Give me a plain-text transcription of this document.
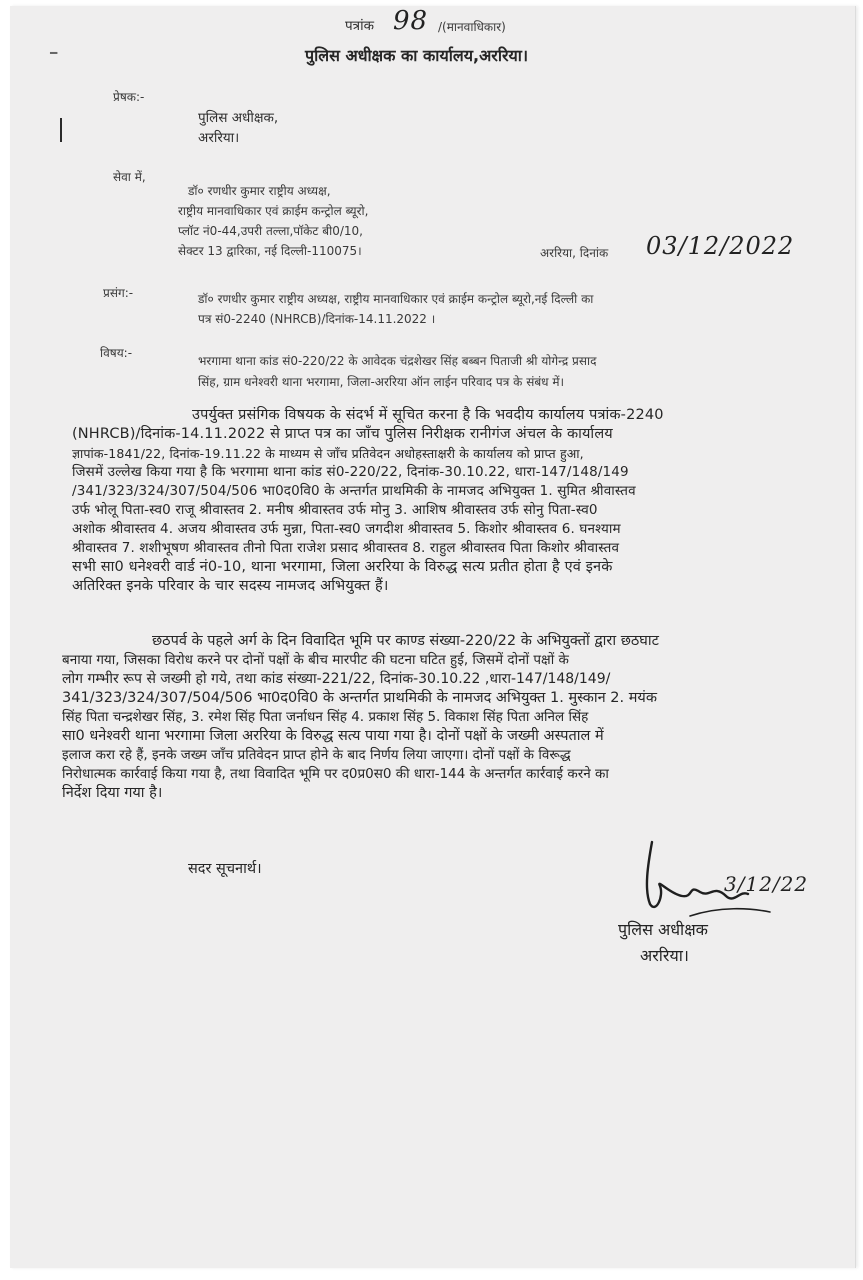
पत्रांक 98 /(मानवाधिकार)
पुलिस अधीक्षक का कार्यालय,अररिया।
━
प्रेषक:-
पुलिस अधीक्षक,
अररिया।
सेवा में,
डॉ० रणधीर कुमार राष्ट्रीय अध्यक्ष,
राष्ट्रीय मानवाधिकार एवं क्राईम कन्ट्रोल ब्यूरो,
प्लॉट नं0-44,उपरी तल्ला,पॉकेट बी0/10,
सेक्टर 13 द्वारिका, नई दिल्ली-110075।	अररिया, दिनांक 03/12/2022
प्रसंग:-	डॉ० रणधीर कुमार राष्ट्रीय अध्यक्ष, राष्ट्रीय मानवाधिकार एवं क्राईम कन्ट्रोल ब्यूरो,नई दिल्ली का
पत्र सं0-2240 (NHRCB)/दिनांक-14.11.2022 ।
विषय:-
भरगामा थाना कांड सं0-220/22 के आवेदक चंद्रशेखर सिंह बब्बन पिताजी श्री योगेन्द्र प्रसाद
सिंह, ग्राम धनेश्वरी थाना भरगामा, जिला-अररिया ऑन लाईन परिवाद पत्र के संबंध में।
उपर्युक्त प्रसंगिक विषयक के संदर्भ में सूचित करना है कि भवदीय कार्यालय पत्रांक-2240
(NHRCB)/दिनांक-14.11.2022 से प्राप्त पत्र का जाँच पुलिस निरीक्षक रानीगंज अंचल के कार्यालय
ज्ञापांक-1841/22, दिनांक-19.11.22 के माध्यम से जाँच प्रतिवेदन अधोहस्ताक्षरी के कार्यालय को प्राप्त हुआ,
जिसमें उल्लेख किया गया है कि भरगामा थाना कांड सं0-220/22, दिनांक-30.10.22, धारा-147/148/149
/341/323/324/307/504/506 भा0द0वि0 के अन्तर्गत प्राथमिकी के नामजद अभियुक्त 1. सुमित श्रीवास्तव
उर्फ भोलू पिता-स्व0 राजू श्रीवास्तव 2. मनीष श्रीवास्तव उर्फ मोनु 3. आशिष श्रीवास्तव उर्फ सोनु पिता-स्व0
अशोक श्रीवास्तव 4. अजय श्रीवास्तव उर्फ मुन्ना, पिता-स्व0 जगदीश श्रीवास्तव 5. किशोर श्रीवास्तव 6. घनश्याम
श्रीवास्तव 7. शशीभूषण श्रीवास्तव तीनो पिता राजेश प्रसाद श्रीवास्तव 8. राहुल श्रीवास्तव पिता किशोर श्रीवास्तव
सभी सा0 धनेश्वरी वार्ड नं0-10, थाना भरगामा, जिला अररिया के विरुद्ध सत्य प्रतीत होता है एवं इनके
अतिरिक्त इनके परिवार के चार सदस्य नामजद अभियुक्त हैं।
छठपर्व के पहले अर्ग के दिन विवादित भूमि पर काण्ड संख्या-220/22 के अभियुक्तों द्वारा छठघाट
बनाया गया, जिसका विरोध करने पर दोनों पक्षों के बीच मारपीट की घटना घटित हुई, जिसमें दोनों पक्षों के
लोग गम्भीर रूप से जख्मी हो गये, तथा कांड संख्या-221/22, दिनांक-30.10.22 ,धारा-147/148/149/
341/323/324/307/504/506 भा0द0वि0 के अन्तर्गत प्राथमिकी के नामजद अभियुक्त 1. मुस्कान 2. मयंक
सिंह पिता चन्द्रशेखर सिंह, 3. रमेश सिंह पिता जर्नाधन सिंह 4. प्रकाश सिंह 5. विकाश सिंह पिता अनिल सिंह
सा0 धनेश्वरी थाना भरगामा जिला अररिया के विरुद्ध सत्य पाया गया है। दोनों पक्षों के जख्मी अस्पताल में
इलाज करा रहे हैं, इनके जख्म जाँच प्रतिवेदन प्राप्त होने के बाद निर्णय लिया जाएगा। दोनों पक्षों के विरूद्ध
निरोधात्मक कार्रवाई किया गया है, तथा विवादित भूमि पर द0प्र0स0 की धारा-144 के अन्तर्गत कार्रवाई करने का
निर्देश दिया गया है।
सदर सूचनार्थ।
3/12/22
पुलिस अधीक्षक
अररिया।
